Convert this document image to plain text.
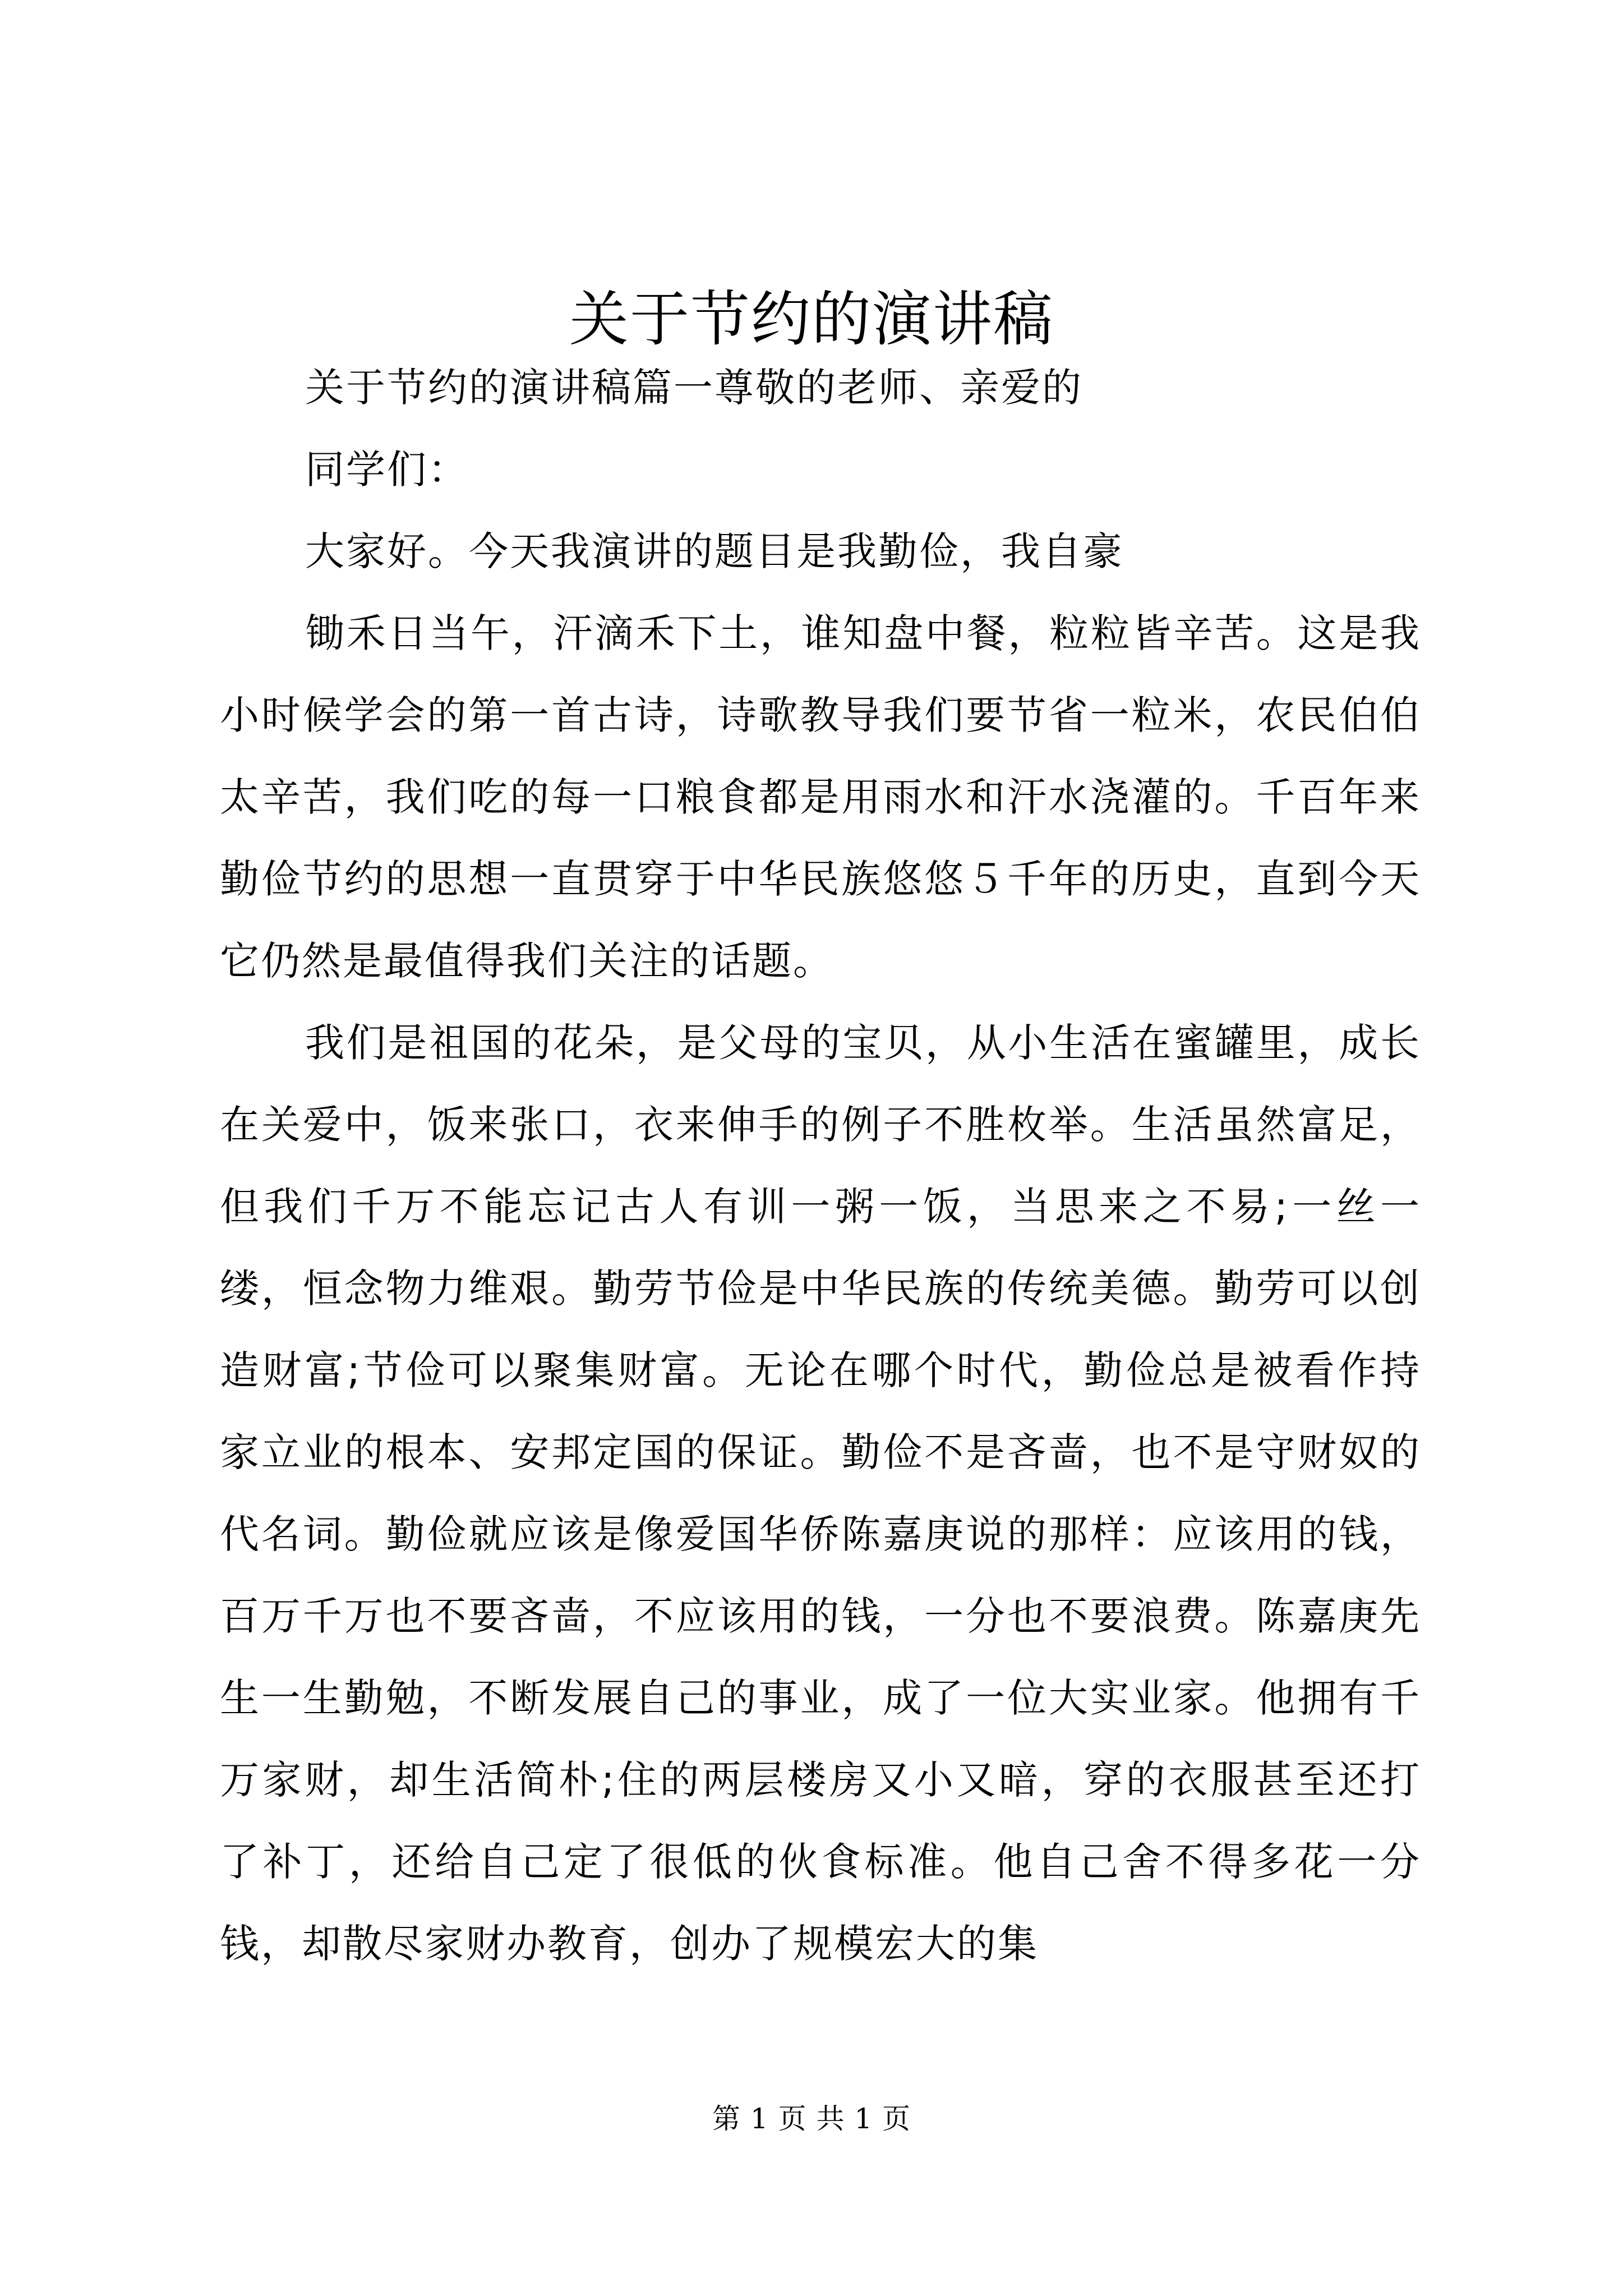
关于节约的演讲稿

关于节约的演讲稿篇一尊敬的老师、亲爱的

同学们：

大家好。今天我演讲的题目是我勤俭，我自豪

锄禾日当午，汗滴禾下土，谁知盘中餐，粒粒皆辛苦。这是我小时候学会的第一首古诗，诗歌教导我们要节省一粒米，农民伯伯太辛苦，我们吃的每一口粮食都是用雨水和汗水浇灌的。千百年来勤俭节约的思想一直贯穿于中华民族悠悠５千年的历史，直到今天它仍然是最值得我们关注的话题。

我们是祖国的花朵，是父母的宝贝，从小生活在蜜罐里，成长在关爱中，饭来张口，衣来伸手的例子不胜枚举。生活虽然富足，但我们千万不能忘记古人有训一粥一饭，当思来之不易;一丝一缕，恒念物力维艰。勤劳节俭是中华民族的传统美德。勤劳可以创造财富;节俭可以聚集财富。无论在哪个时代，勤俭总是被看作持家立业的根本、安邦定国的保证。勤俭不是吝啬，也不是守财奴的代名词。勤俭就应该是像爱国华侨陈嘉庚说的那样：应该用的钱，百万千万也不要吝啬，不应该用的钱，一分也不要浪费。陈嘉庚先生一生勤勉，不断发展自己的事业，成了一位大实业家。他拥有千万家财，却生活简朴;住的两层楼房又小又暗，穿的衣服甚至还打了补丁，还给自己定了很低的伙食标准。他自己舍不得多花一分钱，却散尽家财办教育，创办了规模宏大的集

第 1 页 共 1 页
